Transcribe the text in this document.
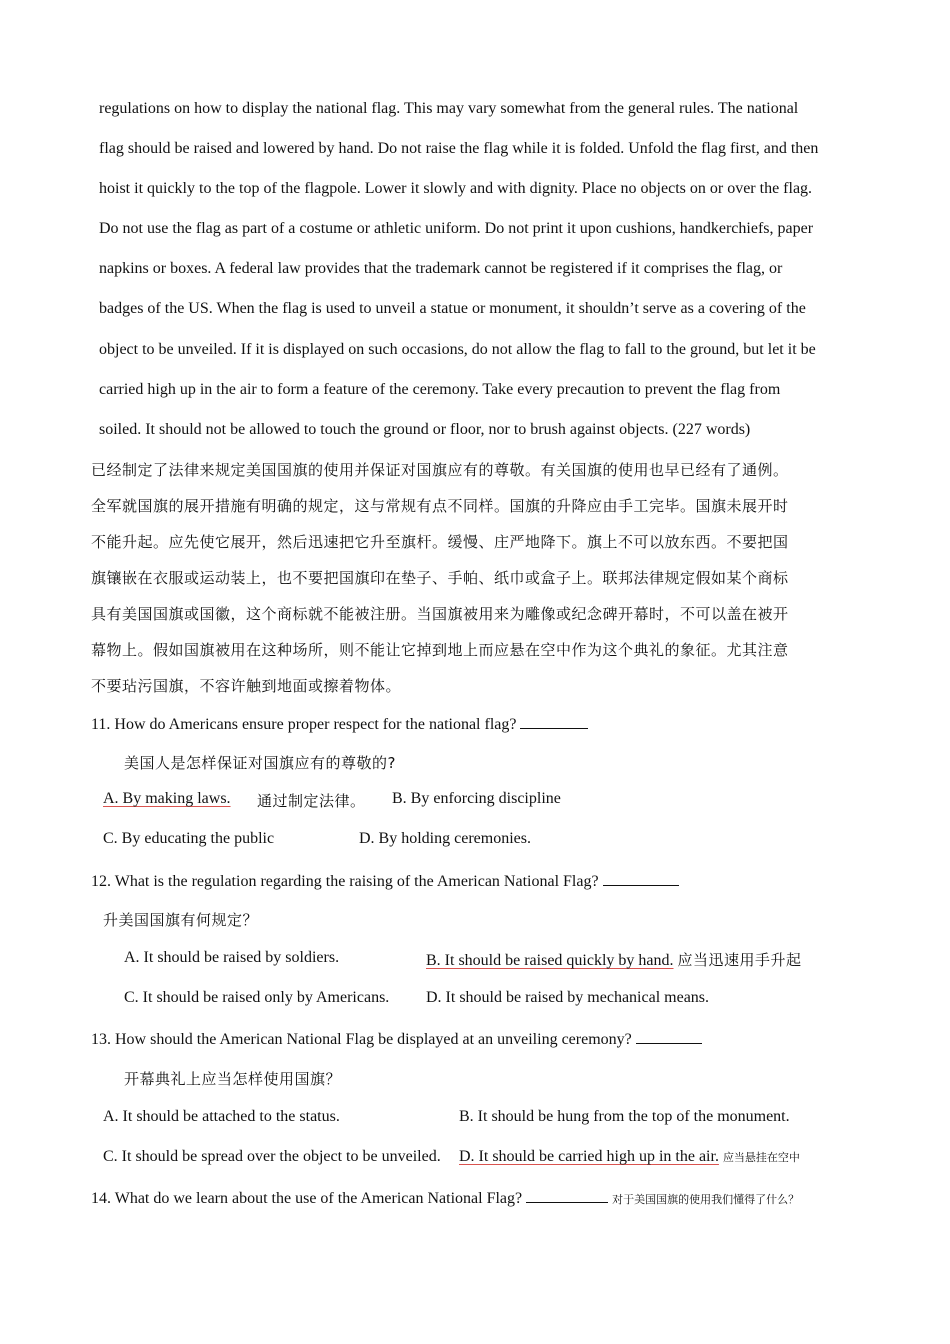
regulations on how to display the national flag. This may vary somewhat from the general rules. The national
flag should be raised and lowered by hand. Do not raise the flag while it is folded. Unfold the flag first, and then
hoist it quickly to the top of the flagpole. Lower it slowly and with dignity. Place no objects on or over the flag.
Do not use the flag as part of a costume or athletic uniform. Do not print it upon cushions, handkerchiefs, paper
napkins or boxes. A federal law provides that the trademark cannot be registered if it comprises the flag, or
badges of the US. When the flag is used to unveil a statue or monument, it shouldn’t serve as a covering of the
object to be unveiled. If it is displayed on such occasions, do not allow the flag to fall to the ground, but let it be
carried high up in the air to form a feature of the ceremony. Take every precaution to prevent the flag from
soiled. It should not be allowed to touch the ground or floor, nor to brush against objects. (227 words)
已经制定了法律来规定美国国旗的使用并保证对国旗应有的尊敬。有关国旗的使用也早已经有了通例。
全军就国旗的展开措施有明确的规定，这与常规有点不同样。国旗的升降应由手工完毕。国旗未展开时
不能升起。应先使它展开，然后迅速把它升至旗杆。缓慢、庄严地降下。旗上不可以放东西。不要把国
旗镶嵌在衣服或运动装上，也不要把国旗印在垫子、手帕、纸巾或盒子上。联邦法律规定假如某个商标
具有美国国旗或国徽，这个商标就不能被注册。当国旗被用来为雕像或纪念碑开幕时，不可以盖在被开
幕物上。假如国旗被用在这种场所，则不能让它掉到地上而应悬在空中作为这个典礼的象征。尤其注意
不要玷污国旗，不容许触到地面或擦着物体。
11. How do Americans ensure proper respect for the national flag?
美国人是怎样保证对国旗应有的尊敬的?
A. By making laws. 通过制定法律。 B. By enforcing discipline
C. By educating the public	D. By holding ceremonies.
12. What is the regulation regarding the raising of the American National Flag?
升美国国旗有何规定？
A. It should be raised by soldiers.	B. It should be raised quickly by hand. 应当迅速用手升起
C. It should be raised only by Americans. D. It should be raised by mechanical means.
13. How should the American National Flag be displayed at an unveiling ceremony?
开幕典礼上应当怎样使用国旗？
A. It should be attached to the status.	B. It should be hung from the top of the monument.
C. It should be spread over the object to be unveiled. D. It should be carried high up in the air. 应当悬挂在空中
14. What do we learn about the use of the American National Flag?	对于美国国旗的使用我们懂得了什么？
